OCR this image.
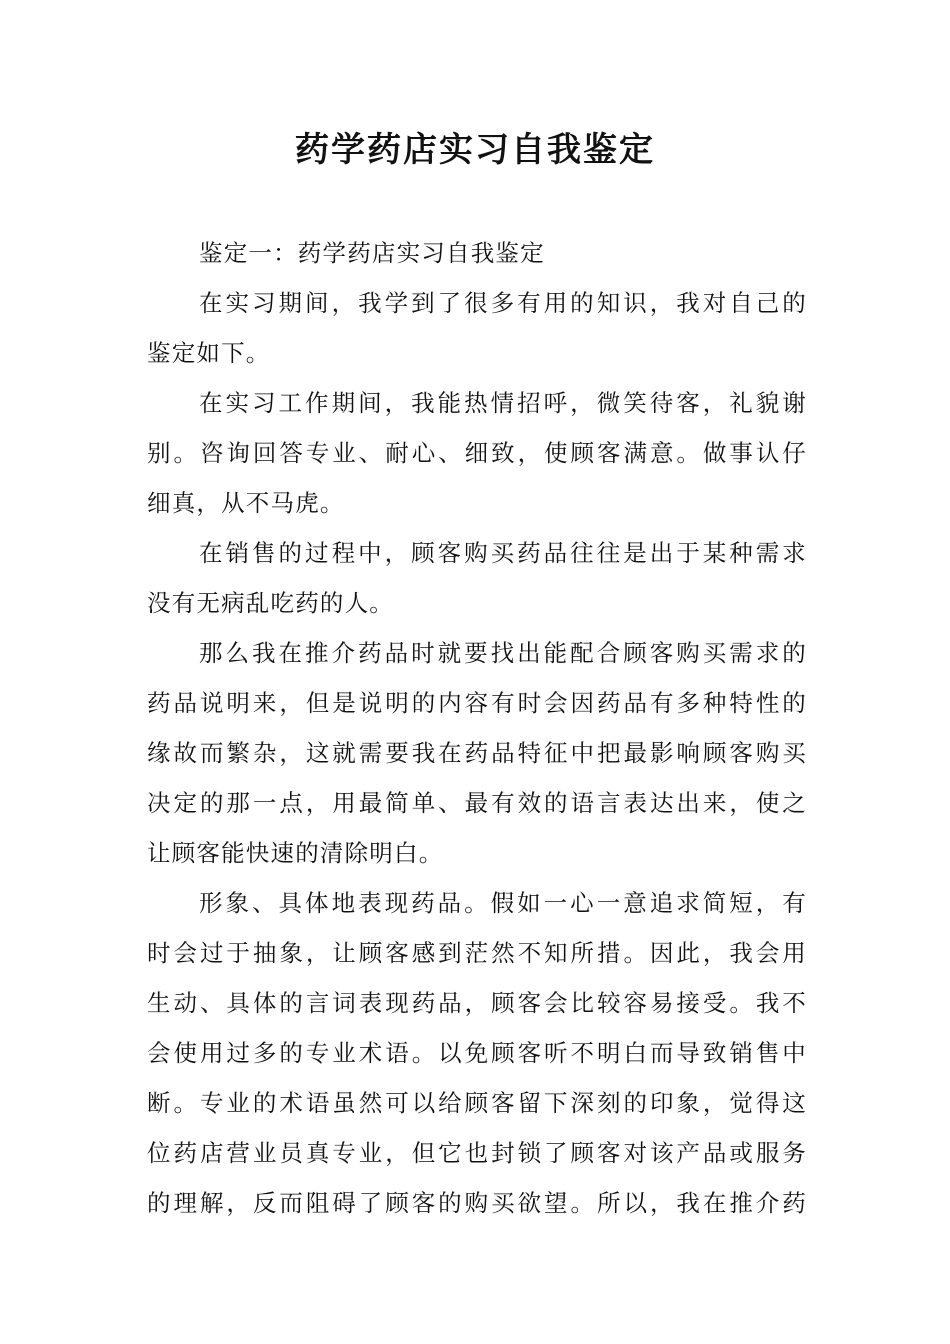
药学药店实习自我鉴定
鉴定一：药学药店实习自我鉴定
在实习期间，我学到了很多有用的知识，我对自己的
鉴定如下。
在实习工作期间，我能热情招呼，微笑待客，礼貌谢
别。咨询回答专业、耐心、细致，使顾客满意。做事认仔
细真，从不马虎。
在销售的过程中，顾客购买药品往往是出于某种需求
没有无病乱吃药的人。
那么我在推介药品时就要找出能配合顾客购买需求的
药品说明来，但是说明的内容有时会因药品有多种特性的
缘故而繁杂，这就需要我在药品特征中把最影响顾客购买
决定的那一点，用最简单、最有效的语言表达出来，使之
让顾客能快速的清除明白。
形象、具体地表现药品。假如一心一意追求简短，有
时会过于抽象，让顾客感到茫然不知所措。因此，我会用
生动、具体的言词表现药品，顾客会比较容易接受。我不
会使用过多的专业术语。以免顾客听不明白而导致销售中
断。专业的术语虽然可以给顾客留下深刻的印象，觉得这
位药店营业员真专业，但它也封锁了顾客对该产品或服务
的理解，反而阻碍了顾客的购买欲望。所以，我在推介药
